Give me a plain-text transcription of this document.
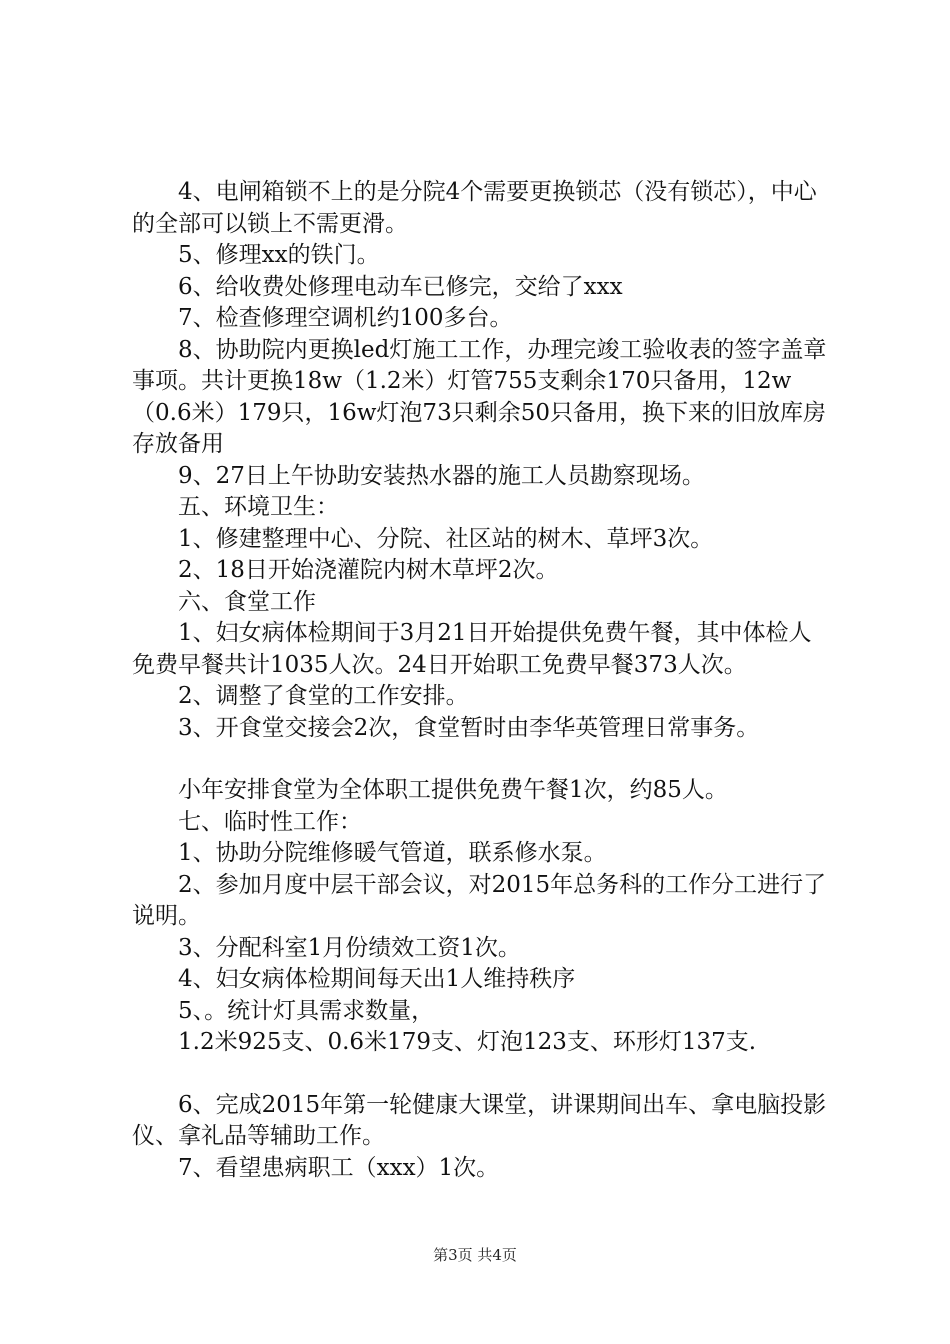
4、电闸箱锁不上的是分院4个需要更换锁芯（没有锁芯），中心的全部可以锁上不需更滑。

5、修理xx的铁门。

6、给收费处修理电动车已修完，交给了xxx

7、检查修理空调机约100多台。

8、协助院内更换led灯施工工作，办理完竣工验收表的签字盖章事项。共计更换18w（1.2米）灯管755支剩余170只备用，12w（0.6米）179只，16w灯泡73只剩余50只备用，换下来的旧放库房存放备用

9、27日上午协助安装热水器的施工人员勘察现场。

五、环境卫生：

1、修建整理中心、分院、社区站的树木、草坪3次。

2、18日开始浇灌院内树木草坪2次。

六、食堂工作

1、妇女病体检期间于3月21日开始提供免费午餐，其中体检人免费早餐共计1035人次。24日开始职工免费早餐373人次。

2、调整了食堂的工作安排。

3、开食堂交接会2次，食堂暂时由李华英管理日常事务。

小年安排食堂为全体职工提供免费午餐1次，约85人。

七、临时性工作：

1、协助分院维修暖气管道，联系修水泵。

2、参加月度中层干部会议，对2015年总务科的工作分工进行了说明。

3、分配科室1月份绩效工资1次。

4、妇女病体检期间每天出1人维持秩序

5、。统计灯具需求数量，

1.2米925支、0.6米179支、灯泡123支、环形灯137支.

6、完成2015年第一轮健康大课堂，讲课期间出车、拿电脑投影仪、拿礼品等辅助工作。

7、看望患病职工（xxx）1次。

第3页 共4页
